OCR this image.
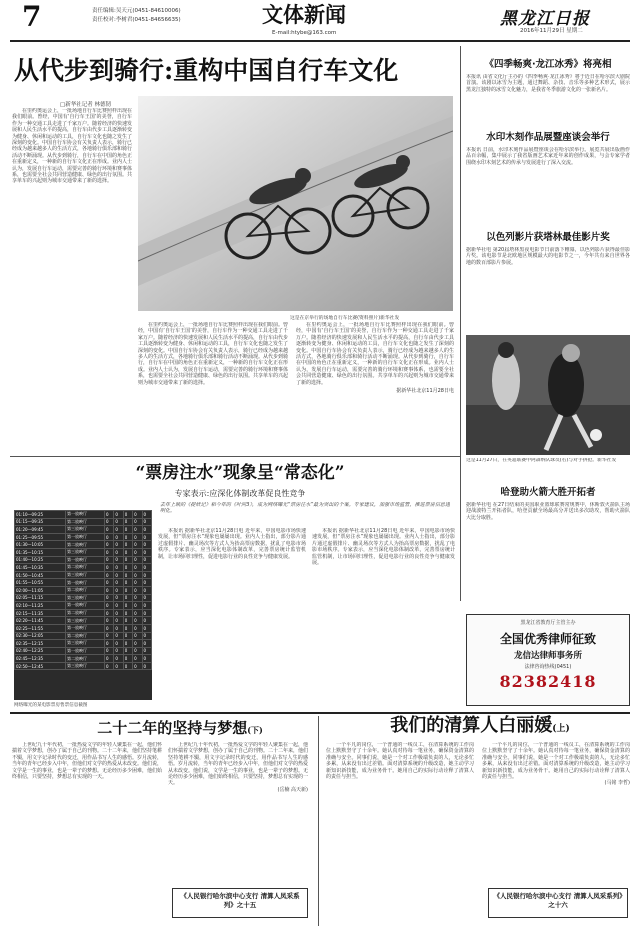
7	责任编辑:吴天元(0451-84610006)
责任校对:李树君(0451-84656635)	文体新闻
E-mail:htybe@163.com
黑龙江日报
2016年11月29日 星期二
从代步到骑行:重构中国自行车文化
□新华社记者 林德韧

在里约奥运会上，一批场地自行车比赛照样出现在我们眼前。曾经，中国有‘自行车王国’的美誉，自行车作为一种交通工具走进了千家万户。随着经济的快速发展和人民生活水平的提高，自行车由代步工具逐渐转变为健身、休闲和运动的工具，自行车文化也随之发生了深刻的变化。中国自行车协会有关负责人表示，骑行已经成为越来越多人的生活方式，各地骑行俱乐部和骑行活动不断涌现。从代步到骑行，自行车在中国的角色正在重新定义，一种新的自行车文化正在形成。业内人士认为，发展自行车运动，需要完善的骑行环境和赛事体系，也需要全社会共同营造健康、绿色的出行氛围。共享单车的兴起则为城市交通带来了新的选择。

这是在京举行的场地自行车比赛(资料照片)新华社发

在里约奥运会上，一批场地自行车比赛照样出现在我们眼前。曾经，中国有‘自行车王国’的美誉，自行车作为一种交通工具走进了千家万户。随着经济的快速发展和人民生活水平的提高，自行车由代步工具逐渐转变为健身、休闲和运动的工具，自行车文化也随之发生了深刻的变化。中国自行车协会有关负责人表示，骑行已经成为越来越多人的生活方式，各地骑行俱乐部和骑行活动不断涌现。从代步到骑行，自行车在中国的角色正在重新定义，一种新的自行车文化正在形成。业内人士认为，发展自行车运动，需要完善的骑行环境和赛事体系，也需要全社会共同营造健康、绿色的出行氛围。共享单车的兴起则为城市交通带来了新的选择。

在里约奥运会上，一批场地自行车比赛照样出现在我们眼前。曾经，中国有‘自行车王国’的美誉，自行车作为一种交通工具走进了千家万户。随着经济的快速发展和人民生活水平的提高，自行车由代步工具逐渐转变为健身、休闲和运动的工具，自行车文化也随之发生了深刻的变化。中国自行车协会有关负责人表示，骑行已经成为越来越多人的生活方式，各地骑行俱乐部和骑行活动不断涌现。从代步到骑行，自行车在中国的角色正在重新定义，一种新的自行车文化正在形成。业内人士认为，发展自行车运动，需要完善的骑行环境和赛事体系，也需要全社会共同营造健康、绿色的出行氛围。共享单车的兴起则为城市交通带来了新的选择。

据新华社北京11月28日电

《四季畅爽·龙江冰秀》将亮相
本报讯 由省文化厅主办的《四季畅爽·龙江冰秀》将于近日在哈尔滨大剧院首演。该剧以冰雪为主题，通过舞蹈、杂技、音乐等多种艺术形式，展示黑龙江独特的冰雪文化魅力，是我省冬季旅游文化的一张新名片。
水印木刻作品展暨座谈会举行
本报讯 日前，水印木刻作品展暨座谈会在哈尔滨举行。展览共展出版画作品百余幅，集中展示了我省版画艺术家近年来的创作成果，与会专家学者围绕水印木刻艺术的传承与发展进行了深入交流。
以色列影片获塔林最佳影片奖
据新华社电 第20届塔林黑夜电影节日前落下帷幕，以色列影片获得最佳影片奖。该电影节是北欧地区规模最大的电影节之一，今年共有来自世界各地的数百部影片参展。
这是11月27日，在英超联赛中阿森纳队球员(右)与对手拼抢。新华社发
哈登助火箭大胜开拓者
据新华社电 在27日结束的美国职业篮球联赛常规赛中，休斯敦火箭队主场迎战波特兰开拓者队，哈登贡献全场最高分并送出多次助攻，帮助火箭队大比分取胜。
“票房注水”现象呈“常态化”
专家表示:应深化体制改革促良性竞争
去年上映的《捉妖记》和今年的《叶问3》，成为网络曝光“票房注水”最为突出的个案。专家建议，加强市场监管，推进票房信息透明化。
01:10—09:25	第一放映厅	0	0	0	0	0
01:15—09:35	第二放映厅	0	0	0	0	0
01:20—09:45	第三放映厅	0	0	0	0	0
01:25—09:55	第一放映厅	0	0	0	0	0
01:30—10:05	第二放映厅	0	0	0	0	0
01:35—10:15	第三放映厅	0	0	0	0	0
01:40—10:25	第一放映厅	0	0	0	0	0
01:45—10:35	第二放映厅	0	0	0	0	0
01:50—10:45	第三放映厅	0	0	0	0	0
01:55—10:55	第一放映厅	0	0	0	0	0
02:00—11:05	第二放映厅	0	0	0	0	0
02:05—11:15	第三放映厅	0	0	0	0	0
02:10—11:25	第一放映厅	0	0	0	0	0
02:15—11:35	第二放映厅	0	0	0	0	0
02:20—11:45	第三放映厅	0	0	0	0	0
02:25—11:55	第一放映厅	0	0	0	0	0
02:30—12:05	第二放映厅	0	0	0	0	0
02:35—12:15	第三放映厅	0	0	0	0	0
02:40—12:25	第一放映厅	0	0	0	0	0
02:45—12:35	第二放映厅	0	0	0	0	0
02:50—12:45	第三放映厅	0	0	0	0	0
网络曝光的某电影票房售票信息截图

本报讯 据新华社北京11月28日电 近年来，中国电影市场快速发展，但“票房注水”现象也屡屡出现。业内人士指出，部分影片通过虚假排片、幽灵场次等方式人为抬高票房数据，扰乱了电影市场秩序。专家表示，应当深化电影体制改革，完善票房统计监管机制，让市场回归理性，促进电影行业的良性竞争与健康发展。

本报讯 据新华社北京11月28日电 近年来，中国电影市场快速发展，但“票房注水”现象也屡屡出现。业内人士指出，部分影片通过虚假排片、幽灵场次等方式人为抬高票房数据，扰乱了电影市场秩序。专家表示，应当深化电影体制改革，完善票房统计监管机制，让市场回归理性，促进电影行业的良性竞争与健康发展。

黑龙江省教育厅主管主办
全国优秀律师征致
龙信达律师事务所
法律咨询热线(0451)
82382418
二十二年的坚持与梦想(下)

上世纪九十年代初，一批热爱文学的年轻人聚集在一起，他们怀揣着文学梦想，创办了属于自己的刊物。二十二年来，他们坚持笔耕不辍，用文字记录时代的变迁，用作品书写人生的感悟。岁月流转，当年的青年已经步入中年，但他们对文学的热爱从未改变。他们说，文学是一生的事业，也是一辈子的梦想。无论经历多少困难，他们始终相信，只要坚持，梦想总有实现的一天。

上世纪九十年代初，一批热爱文学的年轻人聚集在一起，他们怀揣着文学梦想，创办了属于自己的刊物。二十二年来，他们坚持笔耕不辍，用文字记录时代的变迁，用作品书写人生的感悟。岁月流转，当年的青年已经步入中年，但他们对文学的热爱从未改变。他们说，文学是一生的事业，也是一辈子的梦想。无论经历多少困难，他们始终相信，只要坚持，梦想总有实现的一天。

(岳楠 高天新)

《人民银行哈尔滨中心支行 清算人凤采系列》之十五
我们的清算人白丽媛(上)

一个平凡的岗位，一个普通的一线员工，在清算系统的工作岗位上默默坚守了十余年。她认真对待每一笔业务，确保资金清算的准确与安全。同事们说，她是一个对工作极端负责的人，无论多忙多累，从来没有出过差错。面对清算系统的升级改造，她主动学习新知识新技能，成为业务骨干。她用自己的实际行动诠释了清算人的责任与担当。

一个平凡的岗位，一个普通的一线员工，在清算系统的工作岗位上默默坚守了十余年。她认真对待每一笔业务，确保资金清算的准确与安全。同事们说，她是一个对工作极端负责的人，无论多忙多累，从来没有出过差错。面对清算系统的升级改造，她主动学习新知识新技能，成为业务骨干。她用自己的实际行动诠释了清算人的责任与担当。

(马铭 李哲)

《人民银行哈尔滨中心支行 清算人凤采系列》之十六
